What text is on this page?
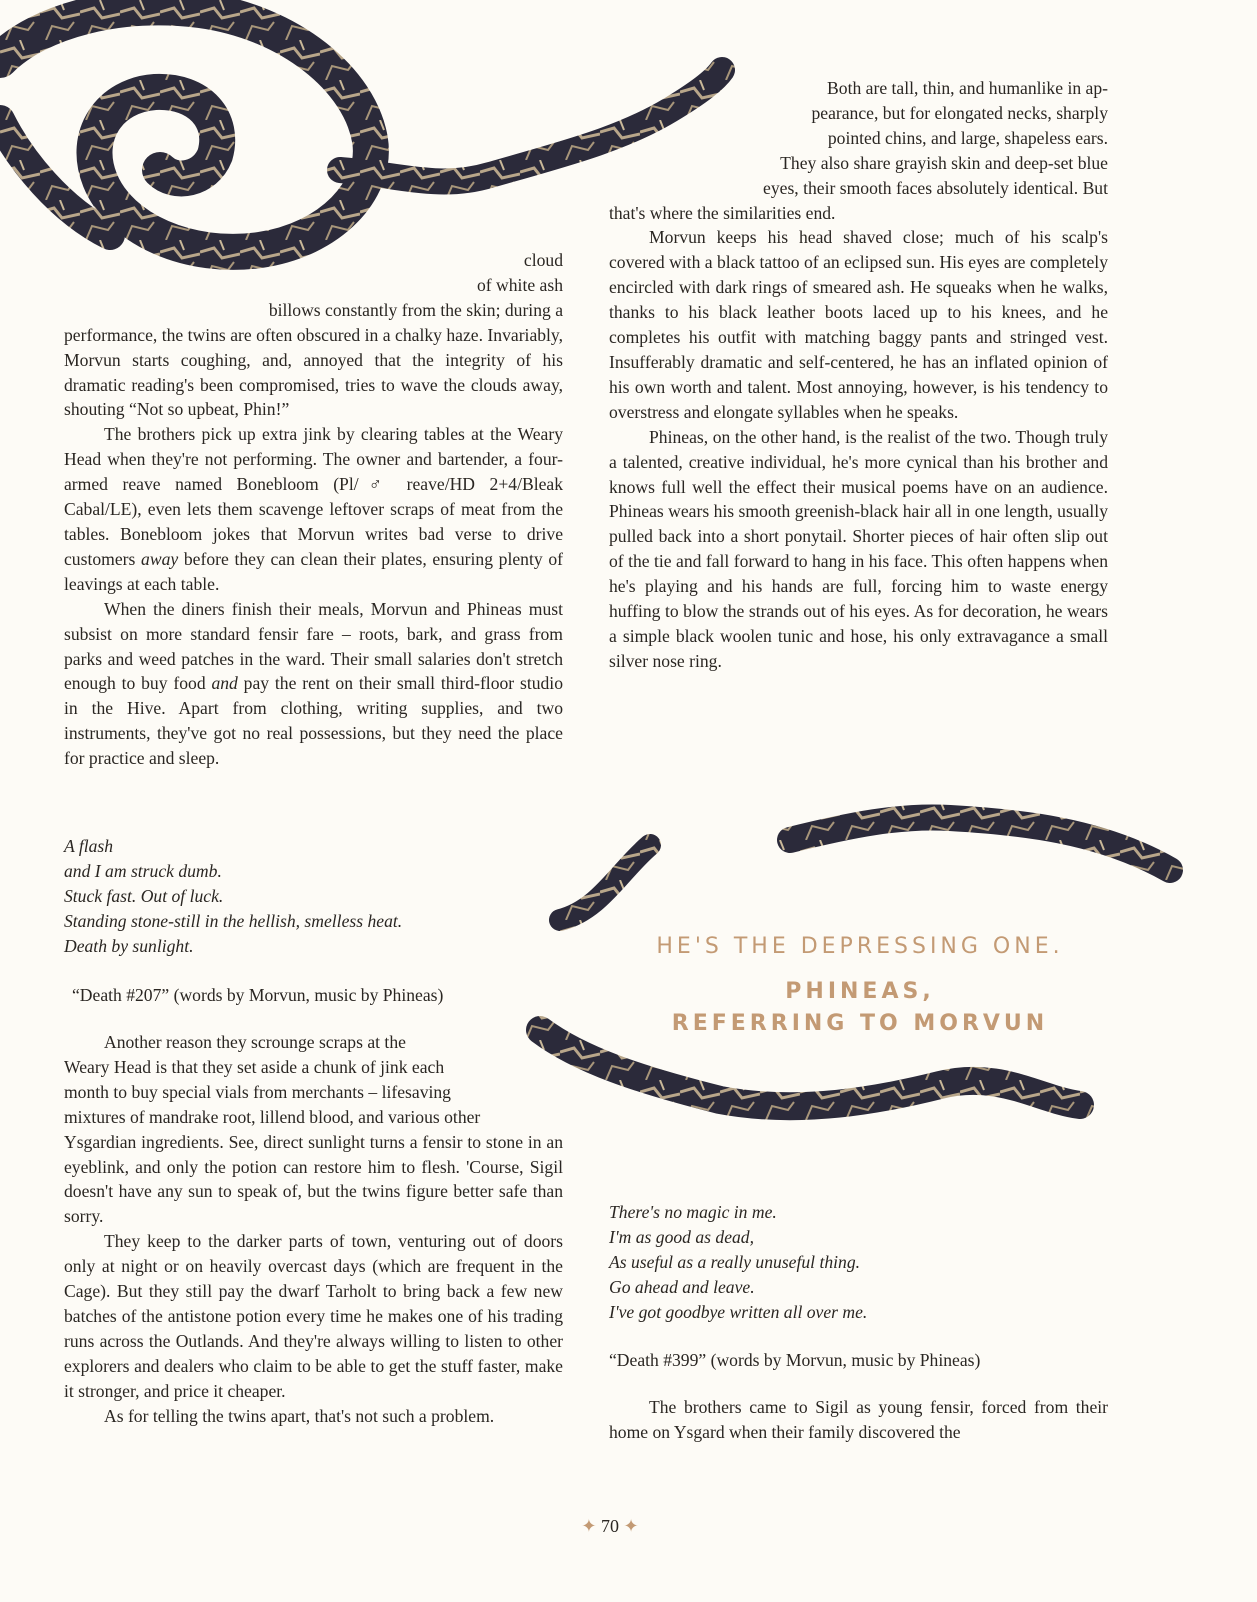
cloud

of white ash

billows constantly from the skin; during a

performance, the twins are often obscured in a chalky haze. Invariably, Morvun starts coughing, and, annoyed that the integrity of his dramatic reading's been compromised, tries to wave the clouds away, shouting “Not so upbeat, Phin!”

The brothers pick up extra jink by clearing tables at the Weary Head when they're not performing. The owner and bartender, a four-armed reave named Bonebloom (Pl/♂ reave/HD 2+4/Bleak Cabal/LE), even lets them scavenge leftover scraps of meat from the tables. Bonebloom jokes that Morvun writes bad verse to drive customers away before they can clean their plates, ensuring plenty of leavings at each table.

When the diners finish their meals, Morvun and Phineas must subsist on more standard fensir fare – roots, bark, and grass from parks and weed patches in the ward. Their small salaries don't stretch enough to buy food and pay the rent on their small third-floor studio in the Hive. Apart from clothing, writing supplies, and two instruments, they've got no real possessions, but they need the place for practice and sleep.

A flash

and I am struck dumb.

Stuck fast. Out of luck.

Standing stone-still in the hellish, smelless heat.

Death by sunlight.

“Death #207” (words by Morvun, music by Phineas)

Another reason they scrounge scraps at the

Weary Head is that they set aside a chunk of jink each

month to buy special vials from merchants – lifesaving

mixtures of mandrake root, lillend blood, and various other

Ysgardian ingredients. See, direct sunlight turns a fensir to stone in an eyeblink, and only the potion can restore him to flesh. 'Course, Sigil doesn't have any sun to speak of, but the twins figure better safe than sorry.

They keep to the darker parts of town, venturing out of doors only at night or on heavily overcast days (which are frequent in the Cage). But they still pay the dwarf Tarholt to bring back a few new batches of the antistone potion every time he makes one of his trading runs across the Outlands. And they're always willing to listen to other explorers and dealers who claim to be able to get the stuff faster, make it stronger, and price it cheaper.

As for telling the twins apart, that's not such a problem.

Both are tall, thin, and humanlike in ap-

pearance, but for elongated necks, sharply

pointed chins, and large, shapeless ears.

They also share grayish skin and deep-set blue

eyes, their smooth faces absolutely identical. But

that's where the similarities end.

Morvun keeps his head shaved close; much of his scalp's covered with a black tattoo of an eclipsed sun. His eyes are completely encircled with dark rings of smeared ash. He squeaks when he walks, thanks to his black leather boots laced up to his knees, and he completes his outfit with matching baggy pants and stringed vest. Insufferably dramatic and self-centered, he has an inflated opinion of his own worth and talent. Most annoying, however, is his tendency to overstress and elongate syllables when he speaks.

Phineas, on the other hand, is the realist of the two. Though truly a talented, creative individual, he's more cynical than his brother and knows full well the effect their musical poems have on an audience. Phineas wears his smooth greenish-black hair all in one length, usually pulled back into a short ponytail. Shorter pieces of hair often slip out of the tie and fall forward to hang in his face. This often happens when he's playing and his hands are full, forcing him to waste energy huffing to blow the strands out of his eyes. As for decoration, he wears a simple black woolen tunic and hose, his only extravagance a small silver nose ring.

HE'S THE DEPRESSING ONE.
PHINEAS,
REFERRING TO MORVUN

There's no magic in me.

I'm as good as dead,

As useful as a really unuseful thing.

Go ahead and leave.

I've got goodbye written all over me.

“Death #399” (words by Morvun, music by Phineas)

The brothers came to Sigil as young fensir, forced from their home on Ysgard when their family discovered the

✦ 70 ✦
